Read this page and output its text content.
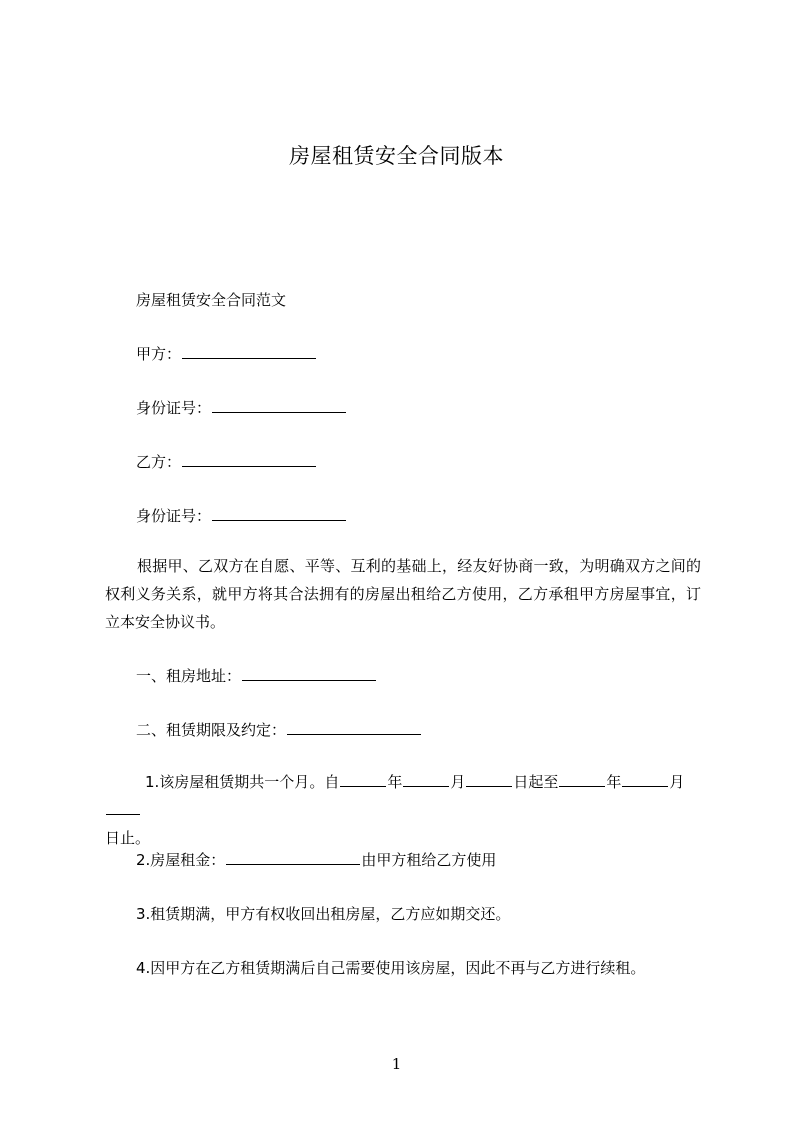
房屋租赁安全合同版本
房屋租赁安全合同范文
甲方：
身份证号：
乙方：
身份证号：
根据甲、乙双方在自愿、平等、互利的基础上，经友好协商一致，为明确双方之间的权利义务关系，就甲方将其合法拥有的房屋出租给乙方使用，乙方承租甲方房屋事宜，订立本安全协议书。
一、租房地址：
二、租赁期限及约定：
1.该房屋租赁期共一个月。自	年	月	日起至	年	月
日止。
2.房屋租金：	由甲方租给乙方使用
3.租赁期满，甲方有权收回出租房屋，乙方应如期交还。
4.因甲方在乙方租赁期满后自己需要使用该房屋，因此不再与乙方进行续租。
1
